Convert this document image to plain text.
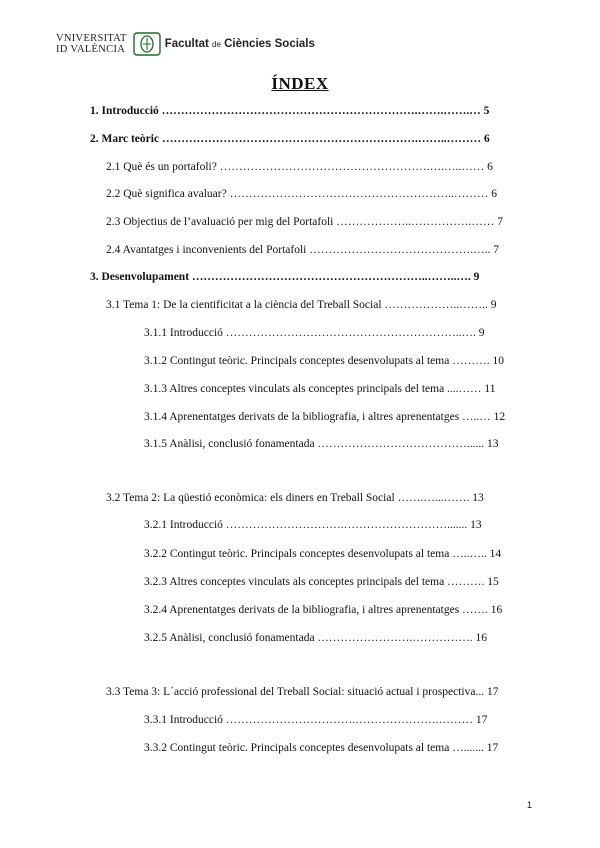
VNIVERSITAT
ID VALÈNCIA	Facultat de Ciències Socials
ÍNDEX
1. Introducció ………………………………………………………….…….…….… 5
2. Marc teòric ………………………………………………………….……..……… 6
2.1 Què és un portafoli? ……………………………………………….….…..…… 6
2.2 Què significa avaluar? …………………………………………………..……… 6
2.3 Objectius de l’avaluació per mig del Portafoli ………………..…………….…… 7
2.4 Avantatges i inconvenients del Portafoli …………………………………….….. 7
3. Desenvolupament ……………………………………………………..……..…. 9
3.1 Tema 1: De la cientificitat a la ciència del Treball Social ………………..…….. 9
3.1.1 Introducció ……………………………………………………..…. 9
3.1.2 Contingut teòric. Principals conceptes desenvolupats al tema ………. 10
3.1.3 Altres conceptes vinculats als conceptes principals del tema ....…… 11
3.1.4 Aprenentatges derivats de la bibliografia, i altres aprenentatges …..… 12
3.1.5 Anàlisi, conclusió fonamentada …………………………………...... 13
3.2 Tema 2: La qüestió econòmica: els diners en Treball Social …….…...……. 13
3.2.1 Introducció ………………………….………………………....... 13
3.2.2 Contingut teòric. Principals conceptes desenvolupats al tema …..….. 14
3.2.3 Altres conceptes vinculats als conceptes principals del tema ………. 15
3.2.4 Aprenentatges derivats de la bibliografia, i altres aprenentatges ……. 16
3.2.5 Anàlisi, conclusió fonamentada …………………….……………. 16
3.3 Tema 3: L´acció professional del Treball Social: situació actual i prospectiva... 17
3.3.1 Introducció …………………………….………………….……… 17
3.3.2 Contingut teòric. Principals conceptes desenvolupats al tema …....... 17
1
